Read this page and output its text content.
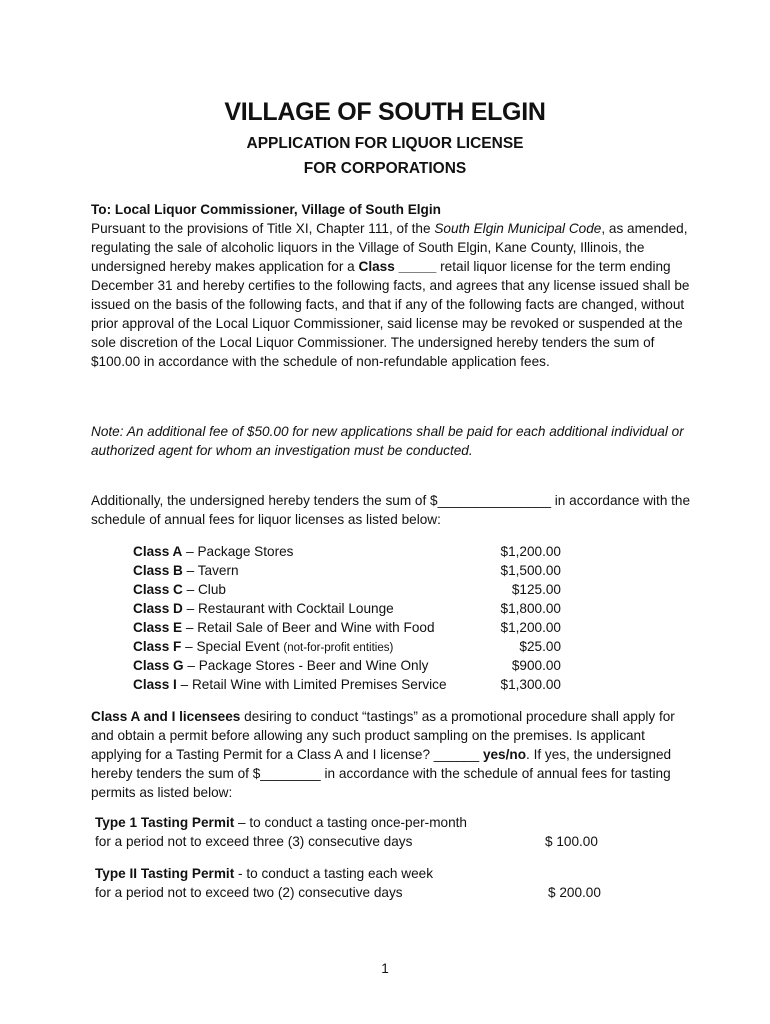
VILLAGE OF SOUTH ELGIN
APPLICATION FOR LIQUOR LICENSE
FOR CORPORATIONS
To: Local Liquor Commissioner, Village of South Elgin
Pursuant to the provisions of Title XI, Chapter 111, of the South Elgin Municipal Code, as amended, regulating the sale of alcoholic liquors in the Village of South Elgin, Kane County, Illinois, the undersigned hereby makes application for a Class _____ retail liquor license for the term ending December 31 and hereby certifies to the following facts, and agrees that any license issued shall be issued on the basis of the following facts, and that if any of the following facts are changed, without prior approval of the Local Liquor Commissioner, said license may be revoked or suspended at the sole discretion of the Local Liquor Commissioner. The undersigned hereby tenders the sum of $100.00 in accordance with the schedule of non-refundable application fees.
Note: An additional fee of $50.00 for new applications shall be paid for each additional individual or authorized agent for whom an investigation must be conducted.
Additionally, the undersigned hereby tenders the sum of $_______________ in accordance with the schedule of annual fees for liquor licenses as listed below:
Class A – Package Stores	$1,200.00
Class B – Tavern	$1,500.00
Class C – Club	$125.00
Class D – Restaurant with Cocktail Lounge	$1,800.00
Class E – Retail Sale of Beer and Wine with Food	$1,200.00
Class F – Special Event (not-for-profit entities)	$25.00
Class G – Package Stores - Beer and Wine Only	$900.00
Class I – Retail Wine with Limited Premises Service	$1,300.00
Class A and I licensees desiring to conduct “tastings” as a promotional procedure shall apply for and obtain a permit before allowing any such product sampling on the premises. Is applicant applying for a Tasting Permit for a Class A and I license? ______ yes/no. If yes, the undersigned hereby tenders the sum of $________ in accordance with the schedule of annual fees for tasting permits as listed below:
Type 1 Tasting Permit – to conduct a tasting once-per-month
for a period not to exceed three (3) consecutive days	$ 100.00
Type II Tasting Permit - to conduct a tasting each week
for a period not to exceed two (2) consecutive days	$ 200.00
1
